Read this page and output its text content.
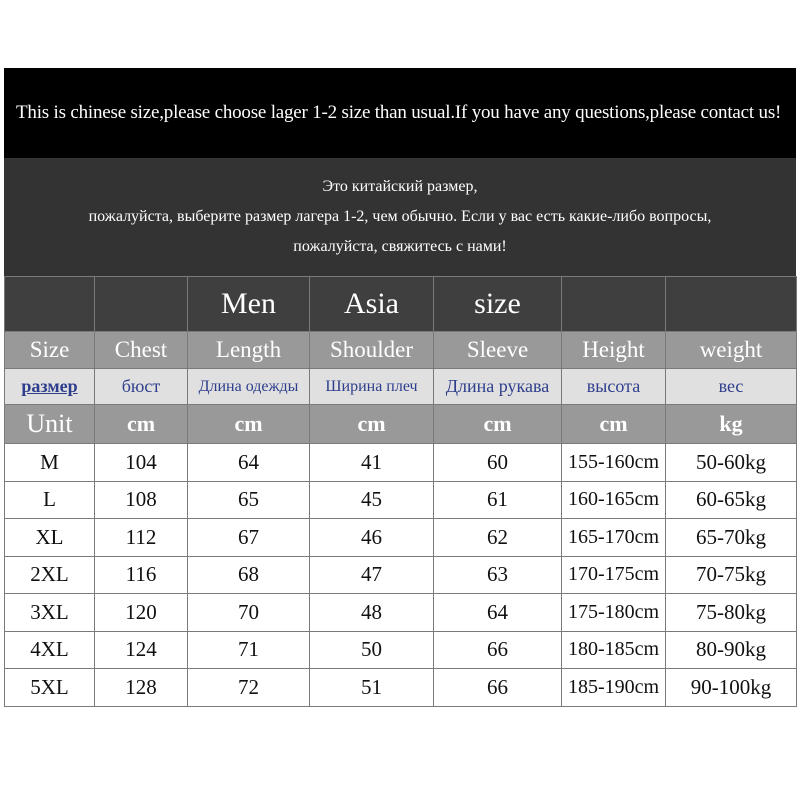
This is chinese size,please choose lager 1-2 size than usual.If you have any questions,please contact us!
Это китайский размер,
пожалуйста, выберите размер лагера 1-2, чем обычно. Если у вас есть какие-либо вопросы,
пожалуйста, свяжитесь с нами!
		Men	Asia	size		
Size	Chest	Length	Shoulder	Sleeve	Height	weight
размер	бюст	Длина одежды	Ширина плеч	Длина рукава	высота	вес
Unit	cm	cm	cm	cm	cm	kg
M	104	64	41	60	155-160cm	50-60kg
L	108	65	45	61	160-165cm	60-65kg
XL	112	67	46	62	165-170cm	65-70kg
2XL	116	68	47	63	170-175cm	70-75kg
3XL	120	70	48	64	175-180cm	75-80kg
4XL	124	71	50	66	180-185cm	80-90kg
5XL	128	72	51	66	185-190cm	90-100kg
